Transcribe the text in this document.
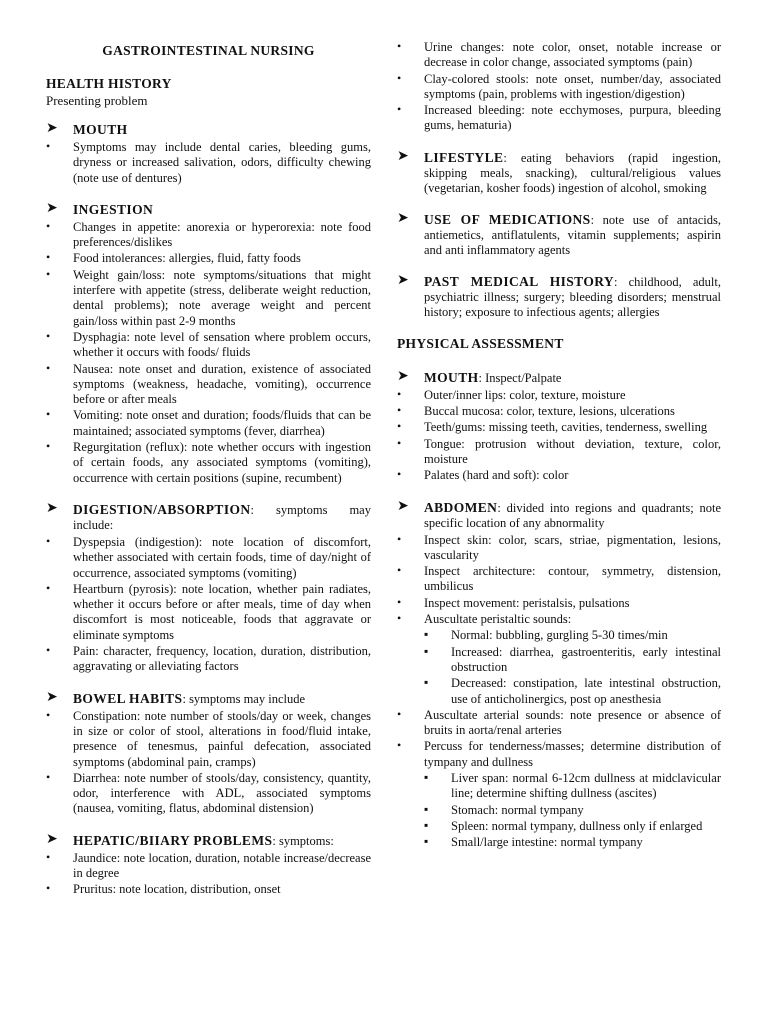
GASTROINTESTINAL NURSING
HEALTH HISTORY
Presenting problem
➤ MOUTH
• Symptoms may include dental caries, bleeding gums, dryness or increased salivation, odors, difficulty chewing (note use of dentures)
➤ INGESTION
• Changes in appetite: anorexia or hyperorexia: note food preferences/dislikes
• Food intolerances: allergies, fluid, fatty foods
• Weight gain/loss: note symptoms/situations that might interfere with appetite (stress, deliberate weight reduction, dental problems); note average weight and percent gain/loss within past 2-9 months
• Dysphagia: note level of sensation where problem occurs, whether it occurs with foods/ fluids
• Nausea: note onset and duration, existence of associated symptoms (weakness, headache, vomiting), occurrence before or after meals
• Vomiting: note onset and duration; foods/fluids that can be maintained; associated symptoms (fever, diarrhea)
• Regurgitation (reflux): note whether occurs with ingestion of certain foods, any associated symptoms (vomiting), occurrence with certain positions (supine, recumbent)
➤ DIGESTION/ABSORPTION: symptoms may include:
• Dyspepsia (indigestion): note location of discomfort, whether associated with certain foods, time of day/night of occurrence, associated symptoms (vomiting)
• Heartburn (pyrosis): note location, whether pain radiates, whether it occurs before or after meals, time of day when discomfort is most noticeable, foods that aggravate or eliminate symptoms
• Pain: character, frequency, location, duration, distribution, aggravating or alleviating factors
➤ BOWEL HABITS: symptoms may include
• Constipation: note number of stools/day or week, changes in size or color of stool, alterations in food/fluid intake, presence of tenesmus, painful defecation, associated symptoms (abdominal pain, cramps)
• Diarrhea: note number of stools/day, consistency, quantity, odor, interference with ADL, associated symptoms (nausea, vomiting, flatus, abdominal distension)
➤ HEPATIC/BIIARY PROBLEMS: symptoms:
• Jaundice: note location, duration, notable increase/decrease in degree
• Pruritus: note location, distribution, onset
• Urine changes: note color, onset, notable increase or decrease in color change, associated symptoms (pain)
• Clay-colored stools: note onset, number/day, associated symptoms (pain, problems with ingestion/digestion)
• Increased bleeding: note ecchymoses, purpura, bleeding gums, hematuria)
➤ LIFESTYLE: eating behaviors (rapid ingestion, skipping meals, snacking), cultural/religious values (vegetarian, kosher foods) ingestion of alcohol, smoking
➤ USE OF MEDICATIONS: note use of antacids, antiemetics, antiflatulents, vitamin supplements; aspirin and anti inflammatory agents
➤ PAST MEDICAL HISTORY: childhood, adult, psychiatric illness; surgery; bleeding disorders; menstrual history; exposure to infectious agents; allergies
PHYSICAL ASSESSMENT
➤ MOUTH: Inspect/Palpate
• Outer/inner lips: color, texture, moisture
• Buccal mucosa: color, texture, lesions, ulcerations
• Teeth/gums: missing teeth, cavities, tenderness, swelling
• Tongue: protrusion without deviation, texture, color, moisture
• Palates (hard and soft): color
➤ ABDOMEN: divided into regions and quadrants; note specific location of any abnormality
• Inspect skin: color, scars, striae, pigmentation, lesions, vascularity
• Inspect architecture: contour, symmetry, distension, umbilicus
• Inspect movement: peristalsis, pulsations
• Auscultate peristaltic sounds:
▪ Normal: bubbling, gurgling 5-30 times/min
▪ Increased: diarrhea, gastroenteritis, early intestinal obstruction
▪ Decreased: constipation, late intestinal obstruction, use of anticholinergics, post op anesthesia
• Auscultate arterial sounds: note presence or absence of bruits in aorta/renal arteries
• Percuss for tenderness/masses; determine distribution of tympany and dullness
▪ Liver span: normal 6-12cm dullness at midclavicular line; determine shifting dullness (ascites)
▪ Stomach: normal tympany
▪ Spleen: normal tympany, dullness only if enlarged
▪ Small/large intestine: normal tympany
